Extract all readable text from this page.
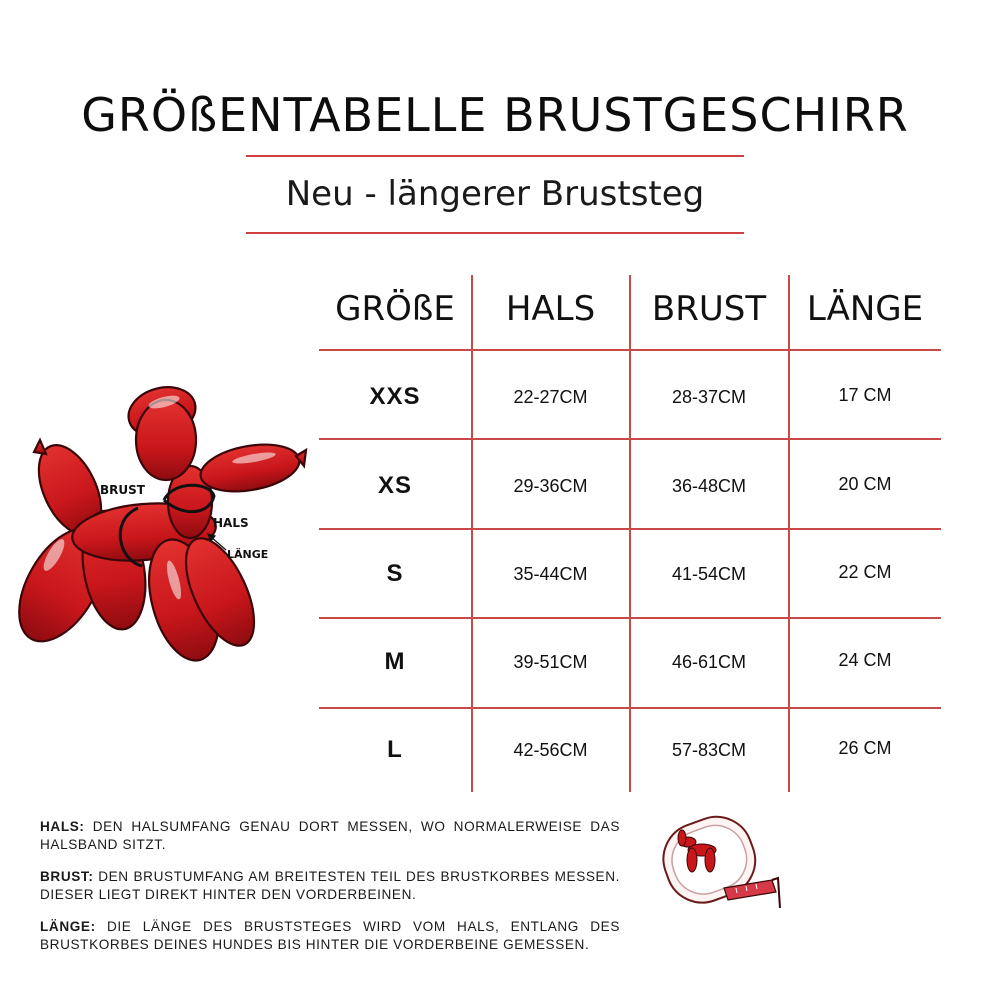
GRÖßENTABELLE BRUSTGESCHIRR
Neu - längerer Bruststeg
GRÖßE	HALS	BRUST	LÄNGE
XXS	22-27CM	28-37CM	17 CM
XS	29-36CM	36-48CM	20 CM
S	35-44CM	41-54CM	22 CM
M	39-51CM	46-61CM	24 CM
L	42-56CM	57-83CM	26 CM
BRUST
HALS
LÄNGE
HALS: DEN HALSUMFANG GENAU DORT MESSEN, WO NORMALERWEISE DAS HALSBAND SITZT.
BRUST: DEN BRUSTUMFANG AM BREITESTEN TEIL DES BRUSTKORBES MESSEN. DIESER LIEGT DIREKT HINTER DEN VORDERBEINEN.
LÄNGE: DIE LÄNGE DES BRUSTSTEGES WIRD VOM HALS, ENTLANG DES BRUSTKORBES DEINES HUNDES BIS HINTER DIE VORDERBEINE GEMESSEN.
